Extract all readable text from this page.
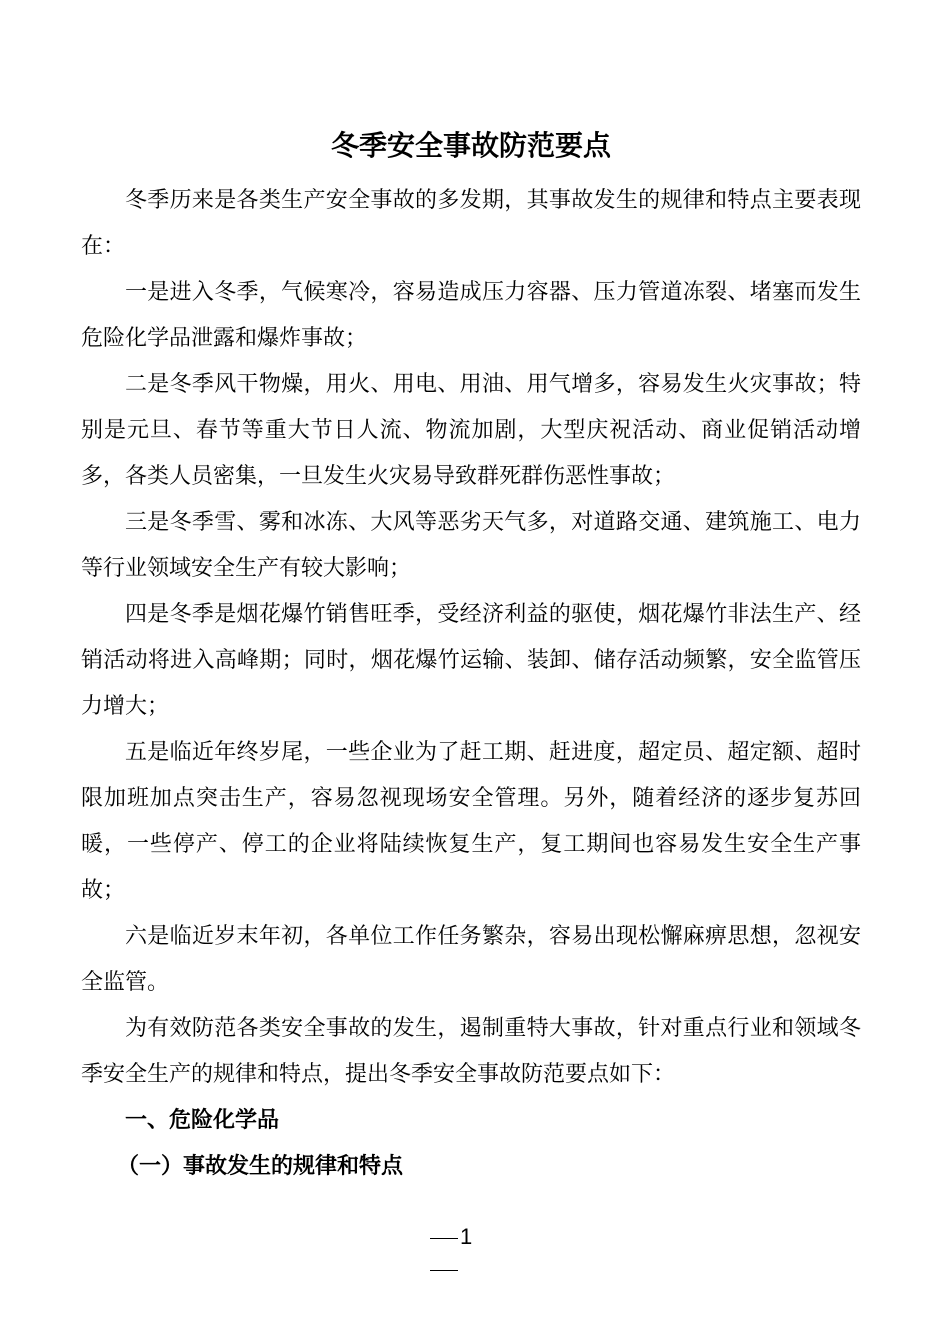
冬季安全事故防范要点

冬季历来是各类生产安全事故的多发期，其事故发生的规律和特点主要表现在：

一是进入冬季，气候寒冷，容易造成压力容器、压力管道冻裂、堵塞而发生危险化学品泄露和爆炸事故；

二是冬季风干物燥，用火、用电、用油、用气增多，容易发生火灾事故；特别是元旦、春节等重大节日人流、物流加剧，大型庆祝活动、商业促销活动增多，各类人员密集，一旦发生火灾易导致群死群伤恶性事故；

三是冬季雪、雾和冰冻、大风等恶劣天气多，对道路交通、建筑施工、电力等行业领域安全生产有较大影响；

四是冬季是烟花爆竹销售旺季，受经济利益的驱使，烟花爆竹非法生产、经销活动将进入高峰期；同时，烟花爆竹运输、装卸、储存活动频繁，安全监管压力增大；

五是临近年终岁尾，一些企业为了赶工期、赶进度，超定员、超定额、超时限加班加点突击生产，容易忽视现场安全管理。另外，随着经济的逐步复苏回暖，一些停产、停工的企业将陆续恢复生产，复工期间也容易发生安全生产事故；

六是临近岁末年初，各单位工作任务繁杂，容易出现松懈麻痹思想，忽视安全监管。

为有效防范各类安全事故的发生，遏制重特大事故，针对重点行业和领域冬季安全生产的规律和特点，提出冬季安全事故防范要点如下：

一、危险化学品

（一）事故发生的规律和特点

1
